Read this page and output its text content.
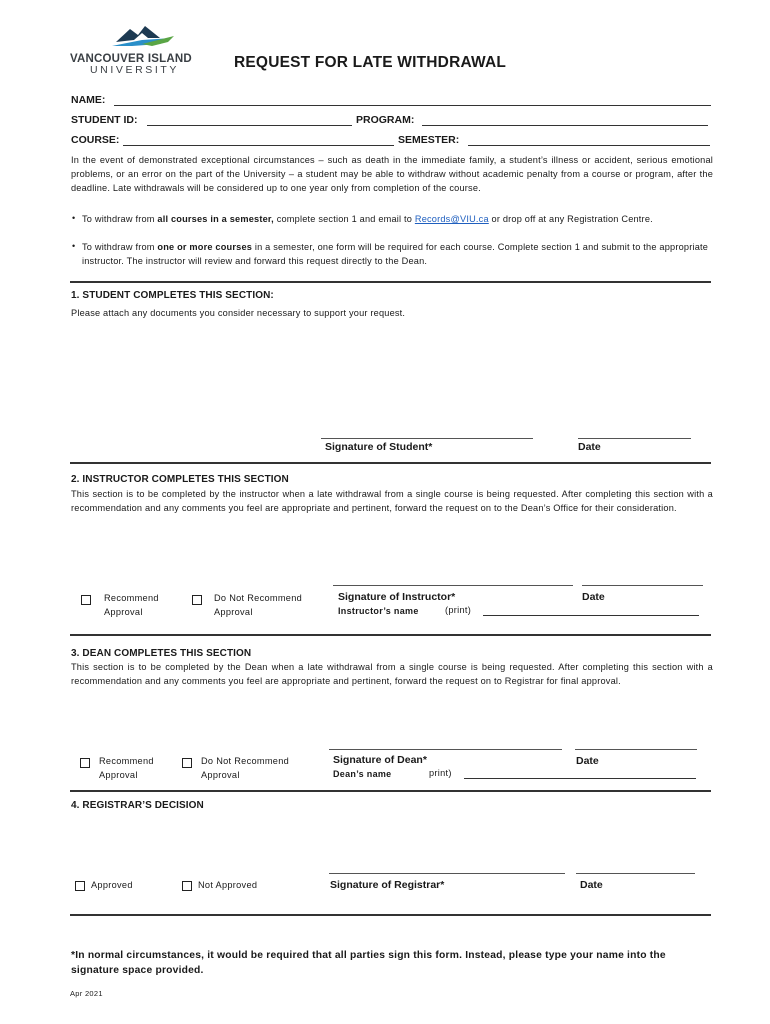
VANCOUVER ISLAND
UNIVERSITY	REQUEST FOR LATE WITHDRAWAL
NAME:
STUDENT ID:	PROGRAM:
COURSE:	SEMESTER:
In the event of demonstrated exceptional circumstances – such as death in the immediate family, a student’s illness or accident, serious emotional problems, or an error on the part of the University – a student may be able to withdraw without academic penalty from a course or program, after the deadline. Late withdrawals will be considered up to one year only from completion of the course.
• To withdraw from all courses in a semester, complete section 1 and email to Records@VIU.ca or drop off at any Registration Centre.
• To withdraw from one or more courses in a semester, one form will be required for each course. Complete section 1 and submit to the appropriate instructor. The instructor will review and forward this request directly to the Dean.
1. STUDENT COMPLETES THIS SECTION:
Please attach any documents you consider necessary to support your request.
Signature of Student*	Date
2. INSTRUCTOR COMPLETES THIS SECTION
This section is to be completed by the instructor when a late withdrawal from a single course is being requested. After completing this section with a recommendation and any comments you feel are appropriate and pertinent, forward the request on to the Dean’s Office for their consideration.
Recommend
Approval
Do Not Recommend
Approval
Signature of Instructor*	Date
Instructor’s name	(print)
3. DEAN COMPLETES THIS SECTION
This section is to be completed by the Dean when a late withdrawal from a single course is being requested. After completing this section with a recommendation and any comments you feel are appropriate and pertinent, forward the request on to Registrar for final approval.
Recommend
Approval
Do Not Recommend
Approval
Signature of Dean*	Date
Dean’s name	print)
4. REGISTRAR’S DECISION
Approved	Not Approved	Signature of Registrar*	Date
*In normal circumstances, it would be required that all parties sign this form. Instead, please type your name into the signature space provided.
Apr 2021
